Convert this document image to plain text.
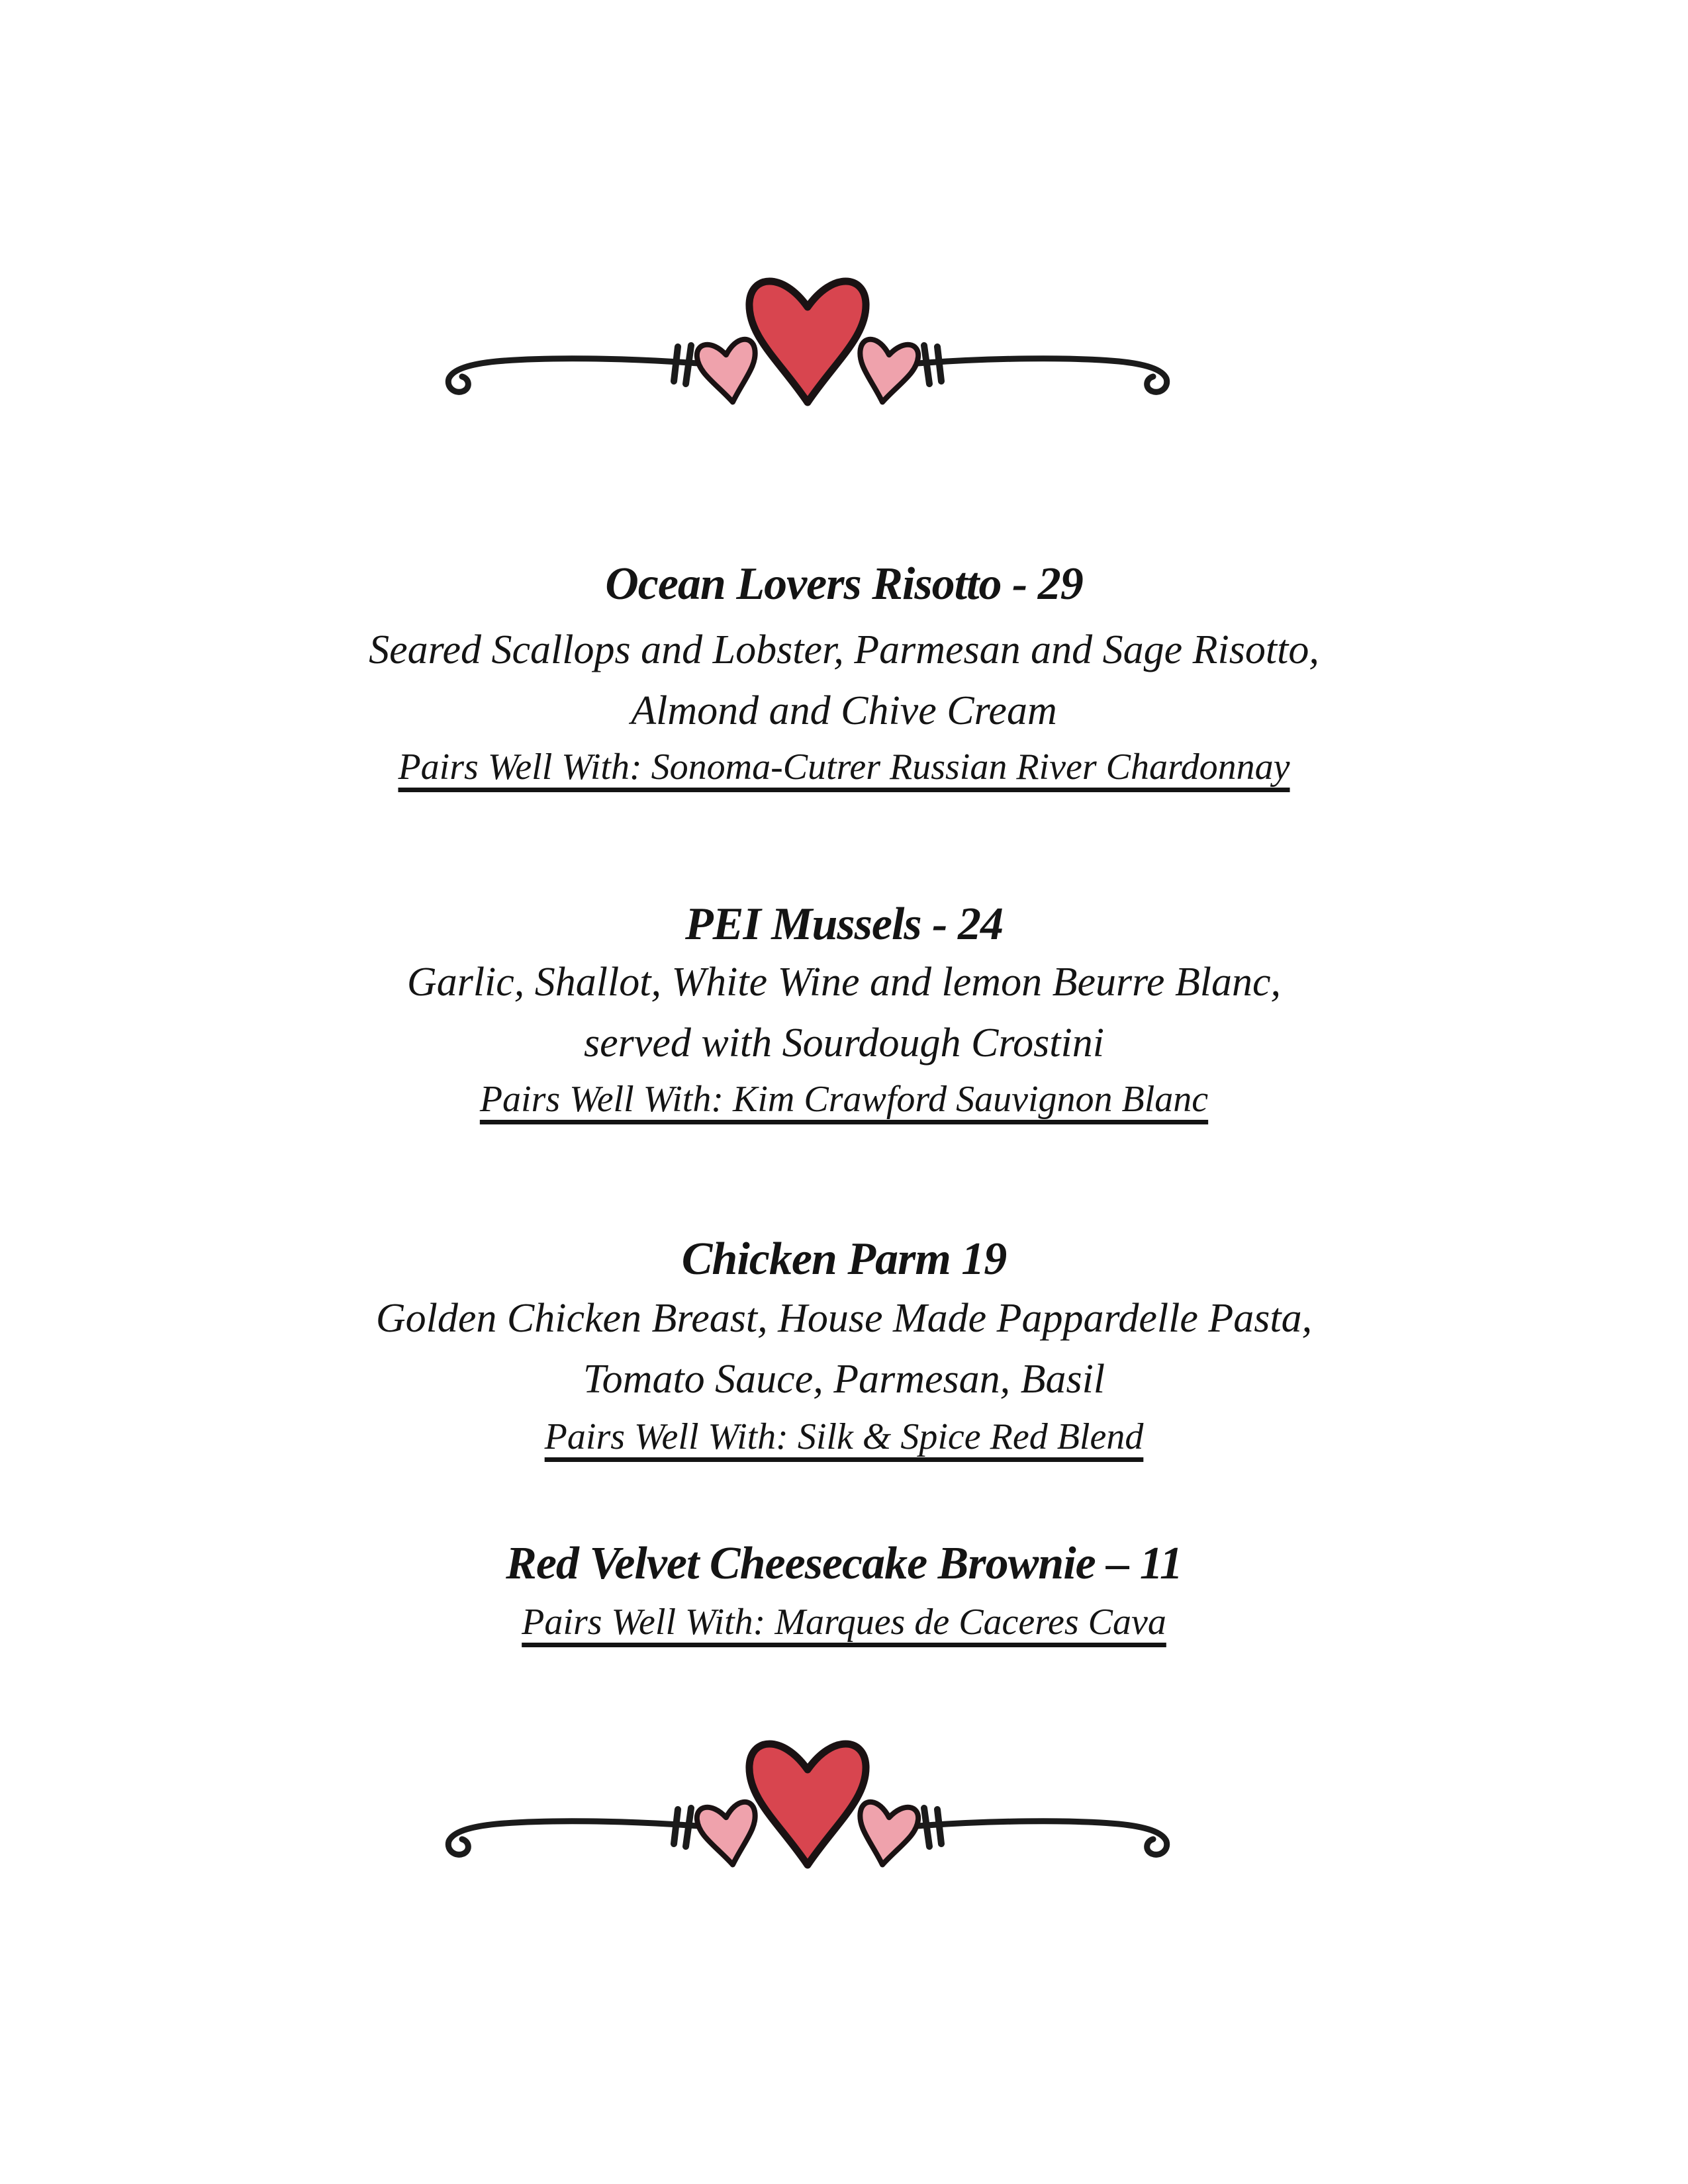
Ocean Lovers Risotto - 29
Seared Scallops and Lobster, Parmesan and Sage Risotto,
Almond and Chive Cream
Pairs Well With: Sonoma-Cutrer Russian River Chardonnay
PEI Mussels - 24
Garlic, Shallot, White Wine and lemon Beurre Blanc,
served with Sourdough Crostini
Pairs Well With: Kim Crawford Sauvignon Blanc
Chicken Parm 19
Golden Chicken Breast, House Made Pappardelle Pasta,
Tomato Sauce, Parmesan, Basil
Pairs Well With: Silk & Spice Red Blend
Red Velvet Cheesecake Brownie – 11
Pairs Well With: Marques de Caceres Cava
